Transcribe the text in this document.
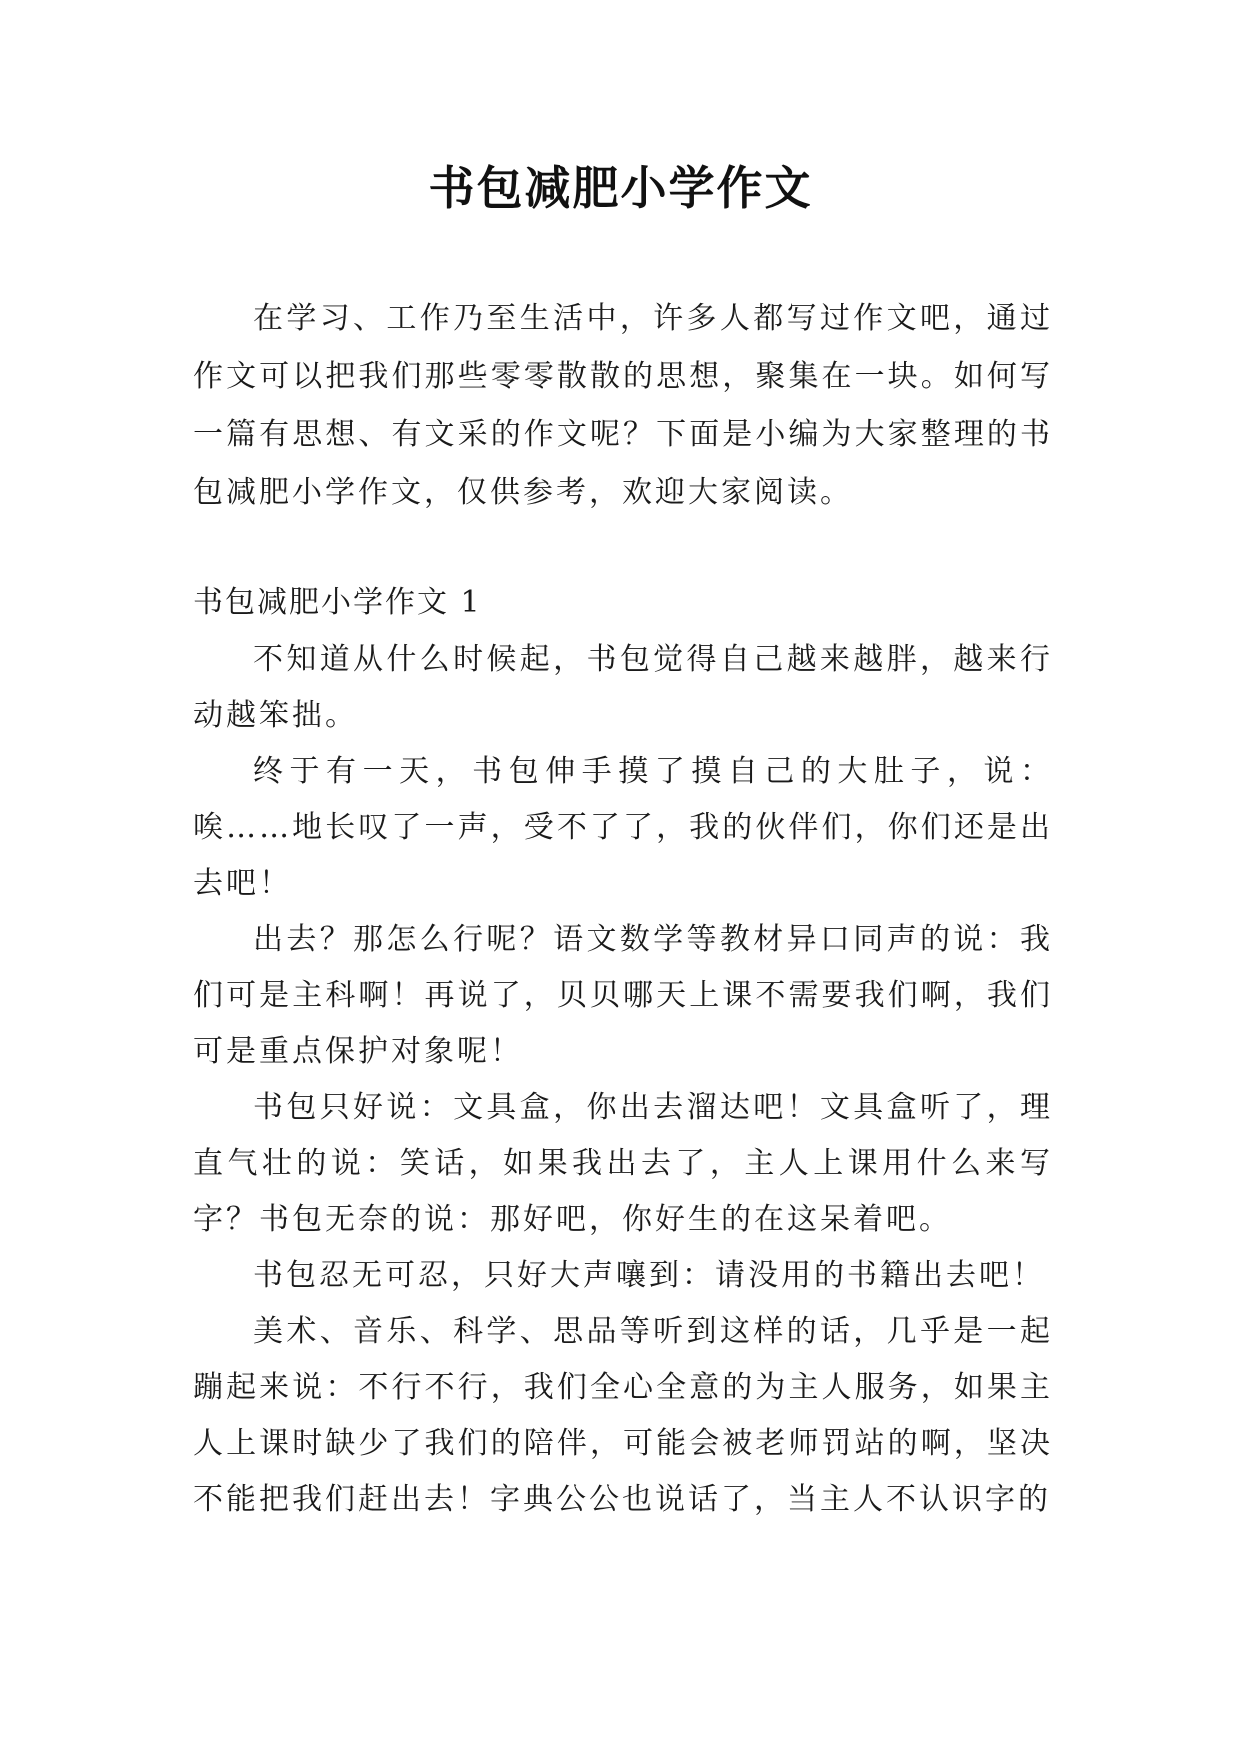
书包减肥小学作文

在学习、工作乃至生活中，许多人都写过作文吧，通过作文可以把我们那些零零散散的思想，聚集在一块。如何写一篇有思想、有文采的作文呢？下面是小编为大家整理的书包减肥小学作文，仅供参考，欢迎大家阅读。

书包减肥小学作文 1

不知道从什么时候起，书包觉得自己越来越胖，越来行动越笨拙。

终于有一天，书包伸手摸了摸自己的大肚子，说：唉……地长叹了一声，受不了了，我的伙伴们，你们还是出去吧！

出去？那怎么行呢？语文数学等教材异口同声的说：我们可是主科啊！再说了，贝贝哪天上课不需要我们啊，我们可是重点保护对象呢！

书包只好说：文具盒，你出去溜达吧！文具盒听了，理直气壮的说：笑话，如果我出去了，主人上课用什么来写字？书包无奈的说：那好吧，你好生的在这呆着吧。

书包忍无可忍，只好大声嚷到：请没用的书籍出去吧！

美术、音乐、科学、思品等听到这样的话，几乎是一起蹦起来说：不行不行，我们全心全意的为主人服务，如果主人上课时缺少了我们的陪伴，可能会被老师罚站的啊，坚决不能把我们赶出去！字典公公也说话了，当主人不认识字的
